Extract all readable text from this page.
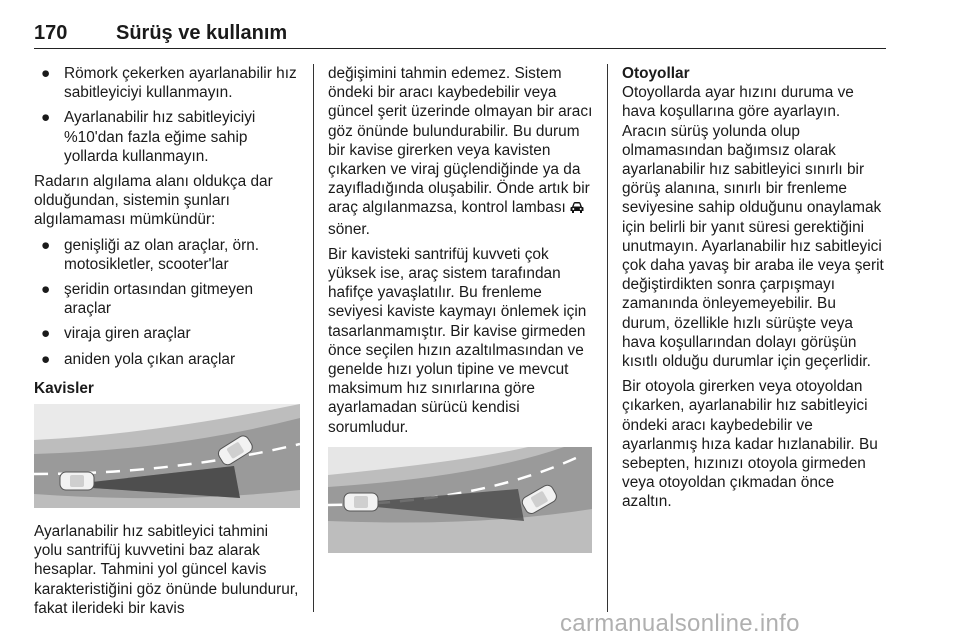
170 Sürüş ve kullanım
● Römork çekerken ayarlanabilir hız sabitleyiciyi kullanmayın.
● Ayarlanabilir hız sabitleyiciyi %10'dan fazla eğime sahip yollarda kullanmayın.

Radarın algılama alanı oldukça dar olduğundan, sistemin şunları algılamaması mümkündür:

● genişliği az olan araçlar, örn. motosikletler, scooter'lar
● şeridin ortasından gitmeyen araçlar
● viraja giren araçlar
● aniden yola çıkan araçlar
Kavisler

Ayarlanabilir hız sabitleyici tahmini yolu santrifüj kuvvetini baz alarak hesaplar. Tahmini yol güncel kavis karakteristiğini göz önünde bulundurur, fakat ilerideki bir kavis

değişimini tahmin edemez. Sistem öndeki bir aracı kaybedebilir veya güncel şerit üzerinde olmayan bir aracı göz önünde bulundurabilir. Bu durum bir kavise girerken veya kavisten çıkarken ve viraj güçlendiğinde ya da zayıfladığında oluşabilir. Önde artık bir araç algılanmazsa, kontrol lambası  söner.

Bir kavisteki santrifüj kuvveti çok yüksek ise, araç sistem tarafından hafifçe yavaşlatılır. Bu frenleme seviyesi kaviste kaymayı önlemek için tasarlanmamıştır. Bir kavise girmeden önce seçilen hızın azaltılmasından ve genelde hızı yolun tipine ve mevcut maksimum hız sınırlarına göre ayarlamadan sürücü kendisi sorumludur.

Otoyollar

Otoyollarda ayar hızını duruma ve hava koşullarına göre ayarlayın. Aracın sürüş yolunda olup olmamasından bağımsız olarak ayarlanabilir hız sabitleyici sınırlı bir görüş alanına, sınırlı bir frenleme seviyesine sahip olduğunu onaylamak için belirli bir yanıt süresi gerektiğini unutmayın. Ayarlanabilir hız sabitleyici çok daha yavaş bir araba ile veya şerit değiştirdikten sonra çarpışmayı zamanında önleyemeyebilir. Bu durum, özellikle hızlı sürüşte veya hava koşullarından dolayı görüşün kısıtlı olduğu durumlar için geçerlidir.

Bir otoyola girerken veya otoyoldan çıkarken, ayarlanabilir hız sabitleyici öndeki aracı kaybedebilir ve ayarlanmış hıza kadar hızlanabilir. Bu sebepten, hızınızı otoyola girmeden veya otoyoldan çıkmadan önce azaltın.

carmanualsonline.info
